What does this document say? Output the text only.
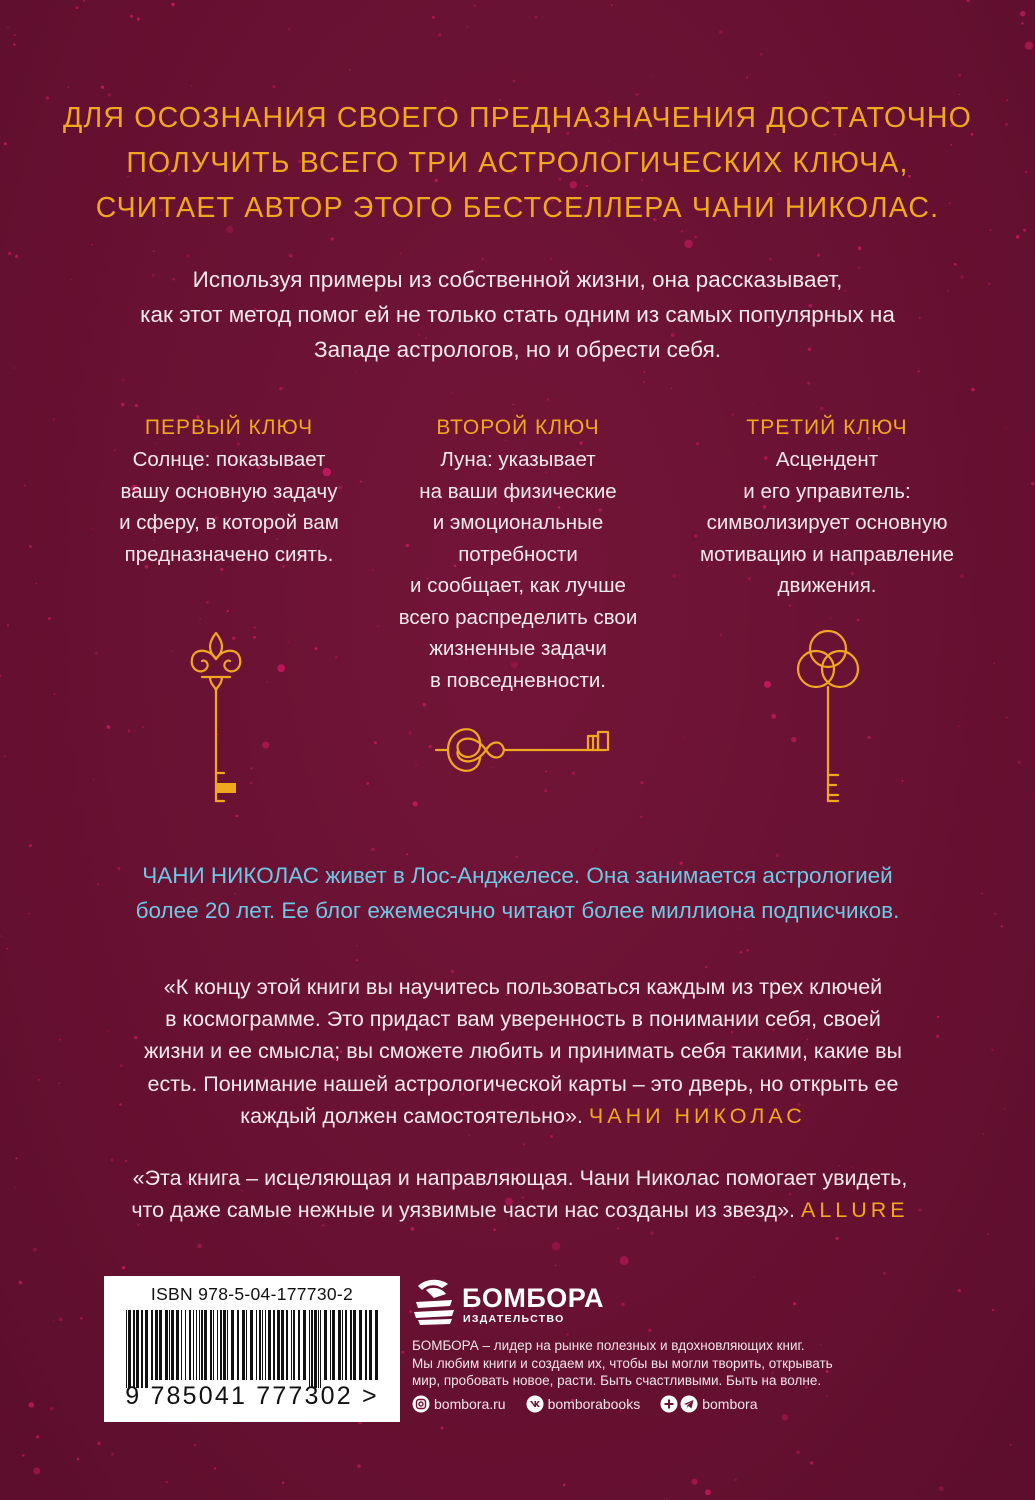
ДЛЯ ОСОЗНАНИЯ СВОЕГО ПРЕДНАЗНАЧЕНИЯ ДОСТАТОЧНО
ПОЛУЧИТЬ ВСЕГО ТРИ АСТРОЛОГИЧЕСКИХ КЛЮЧА,
СЧИТАЕТ АВТОР ЭТОГО БЕСТСЕЛЛЕРА ЧАНИ НИКОЛАС.

Используя примеры из собственной жизни, она рассказывает,
как этот метод помог ей не только стать одним из самых популярных на
Западе астрологов, но и обрести себя.

ПЕРВЫЙ КЛЮЧ

Солнце: показывает
вашу основную задачу
и сферу, в которой вам
предназначено сиять.

ВТОРОЙ КЛЮЧ

Луна: указывает
на ваши физические
и эмоциональные
потребности
и сообщает, как лучше
всего распределить свои
жизненные задачи
в повседневности.

ТРЕТИЙ КЛЮЧ

Асцендент
и его управитель:
символизирует основную
мотивацию и направление
движения.

ЧАНИ НИКОЛАС живет в Лос-Анджелесе. Она занимается астрологией
более 20 лет. Ее блог ежемесячно читают более миллиона подписчиков.

«К концу этой книги вы научитесь пользоваться каждым из трех ключей
в космограмме. Это придаст вам уверенность в понимании себя, своей
жизни и ее смысла; вы сможете любить и принимать себя такими, какие вы
есть. Понимание нашей астрологической карты – это дверь, но открыть ее
каждый должен самостоятельно». ЧАНИ НИКОЛАС

«Эта книга – исцеляющая и направляющая. Чани Николас помогает увидеть,
что даже самые нежные и уязвимые части нас созданы из звезд». ALLURE

ISBN 978-5-04-177730-2
9 785041 777302 >
БОМБОРА
ИЗДАТЕЛЬСТВО

БОМБОРА – лидер на рынке полезных и вдохновляющих книг.
Мы любим книги и создаем их, чтобы вы могли творить, открывать
мир, пробовать новое, расти. Быть счастливыми. Быть на волне.

bombora.ru	bomborabooks	bombora
